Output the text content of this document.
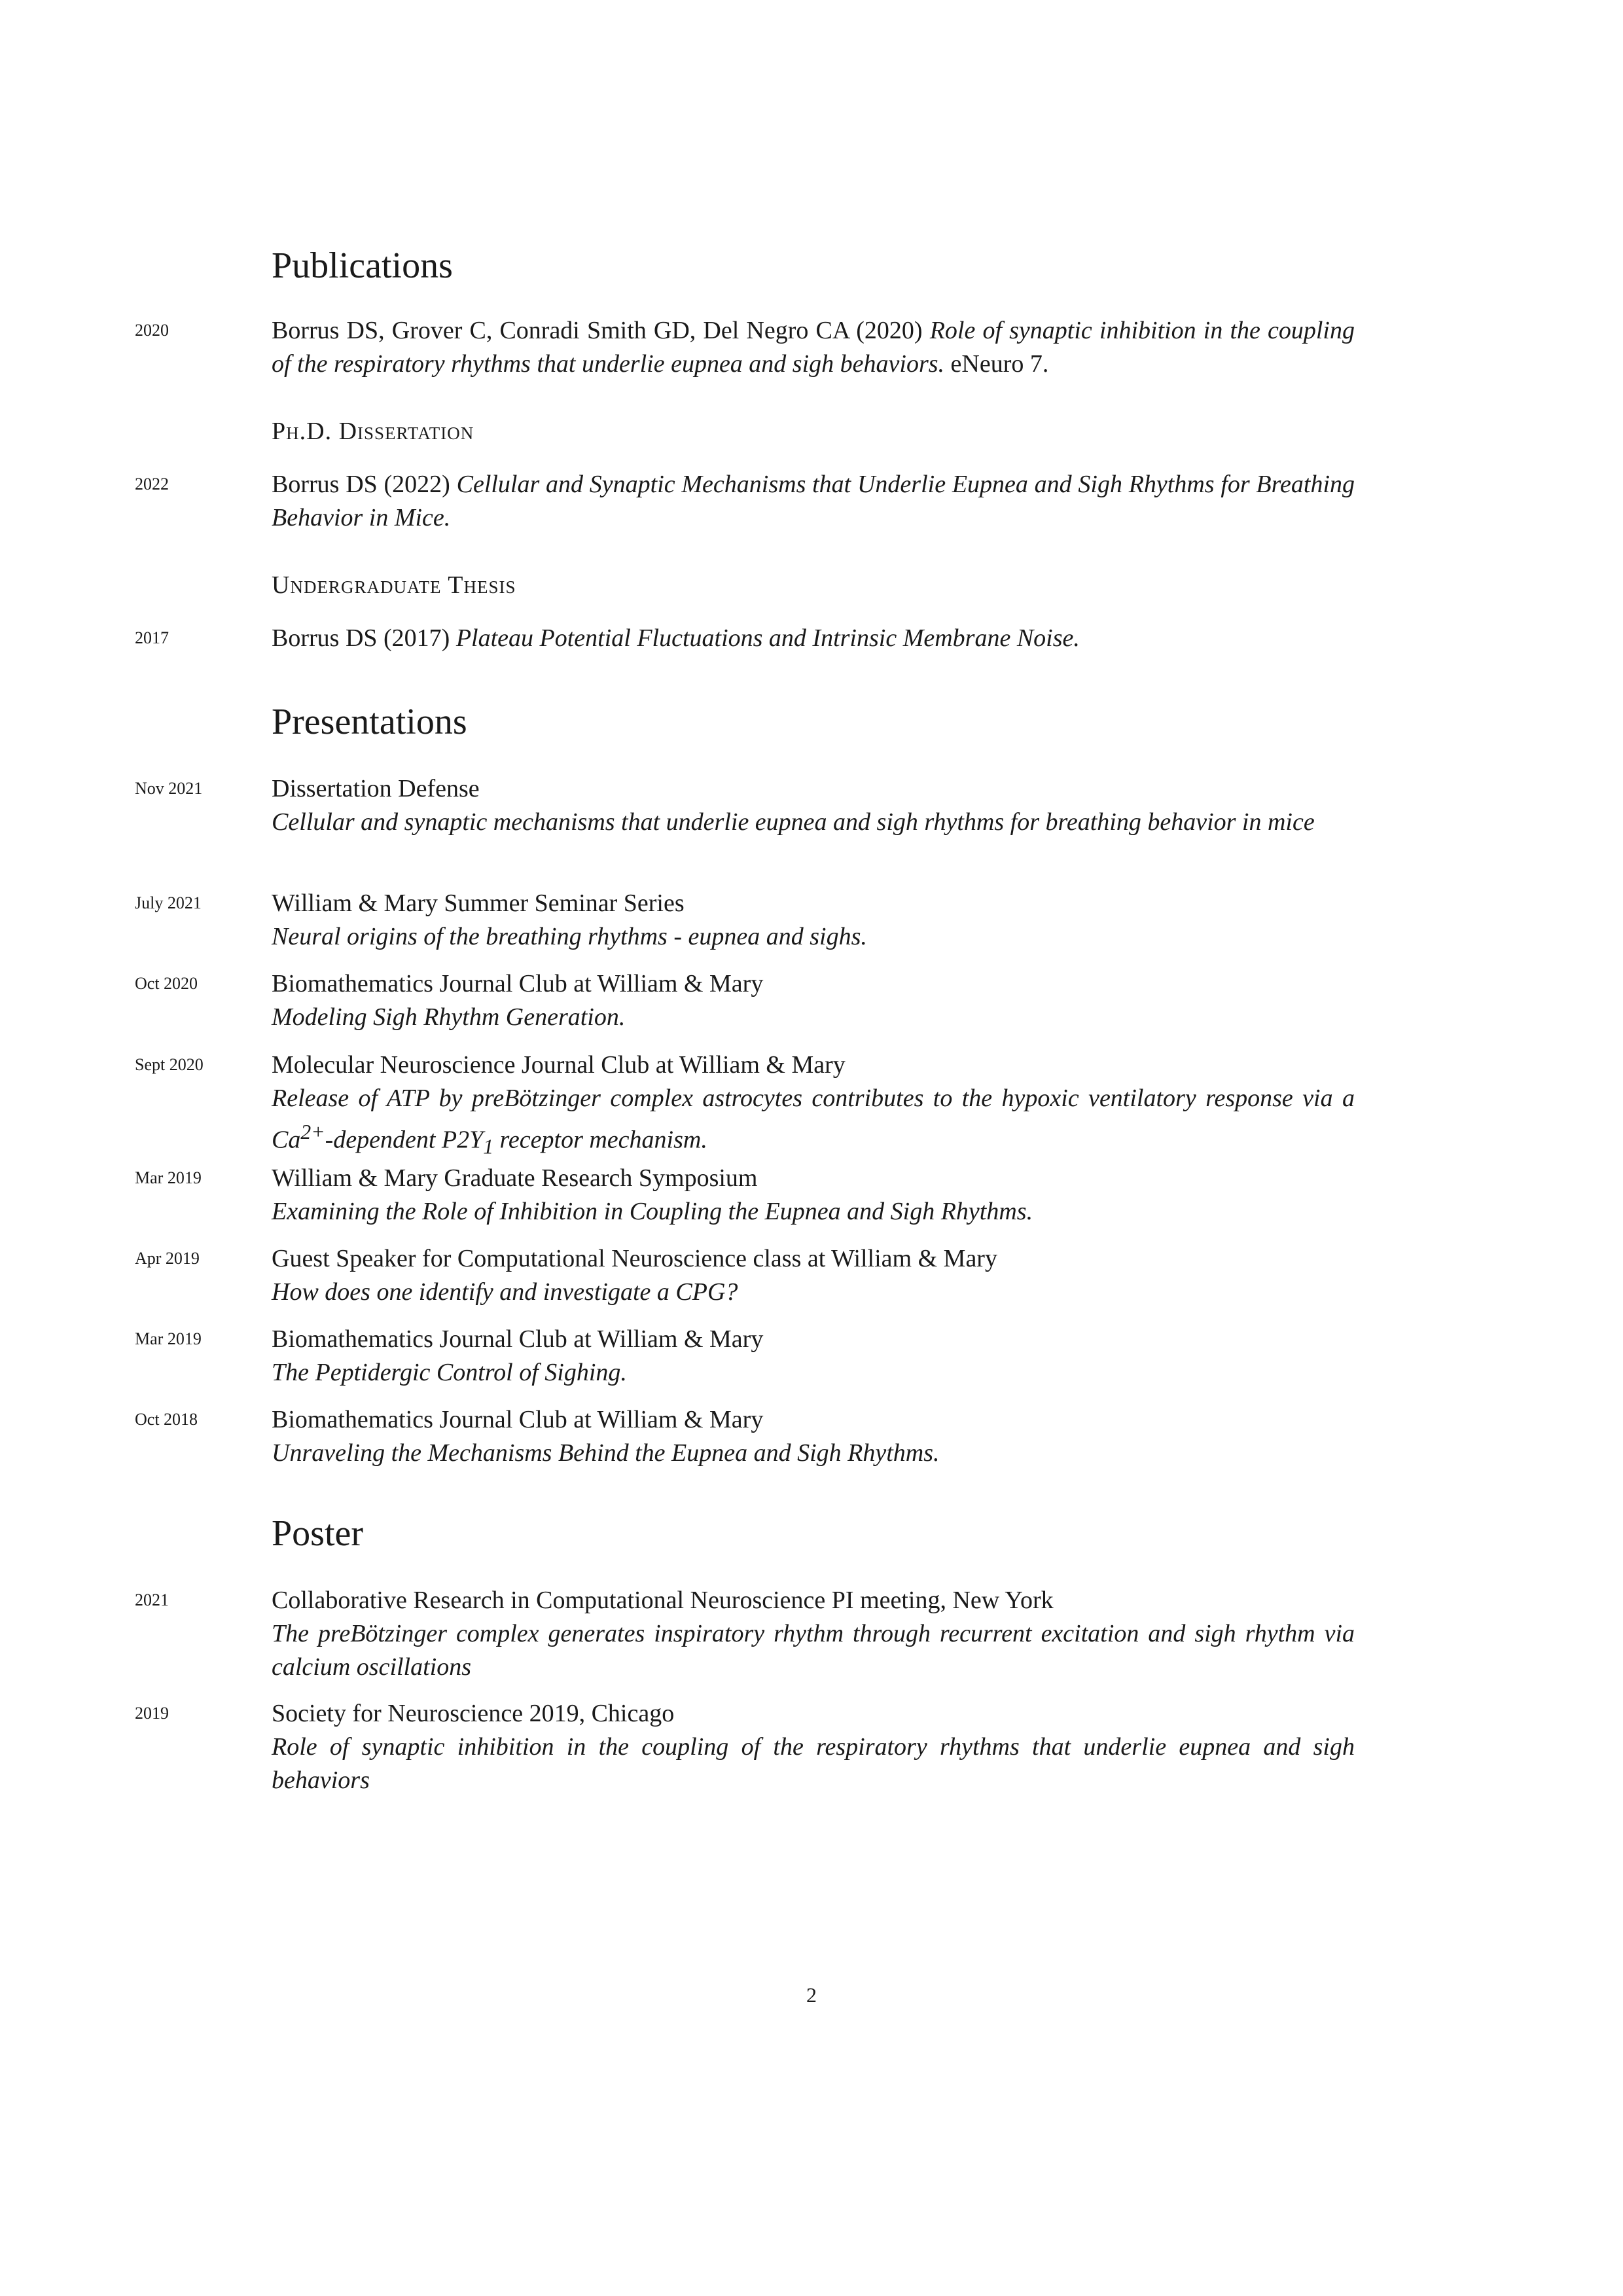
Publications
2020	Borrus DS, Grover C, Conradi Smith GD, Del Negro CA (2020) Role of synaptic inhibition in the coupling of the respiratory rhythms that underlie eupnea and sigh behaviors. eNeuro 7.
Ph.D. Dissertation
2022	Borrus DS (2022) Cellular and Synaptic Mechanisms that Underlie Eupnea and Sigh Rhythms for Breathing Behavior in Mice.
Undergraduate Thesis
2017	Borrus DS (2017) Plateau Potential Fluctuations and Intrinsic Membrane Noise.
Presentations
Nov 2021	Dissertation Defense
Cellular and synaptic mechanisms that underlie eupnea and sigh rhythms for breathing behavior in mice
July 2021	William & Mary Summer Seminar Series
Neural origins of the breathing rhythms - eupnea and sighs.
Oct 2020	Biomathematics Journal Club at William & Mary
Modeling Sigh Rhythm Generation.
Sept 2020	Molecular Neuroscience Journal Club at William & Mary
Release of ATP by preBötzinger complex astrocytes contributes to the hypoxic ventilatory response via a $Ca^{2+}$-dependent $P2Y_1$ receptor mechanism.
Mar 2019	William & Mary Graduate Research Symposium
Examining the Role of Inhibition in Coupling the Eupnea and Sigh Rhythms.
Apr 2019	Guest Speaker for Computational Neuroscience class at William & Mary
How does one identify and investigate a CPG?
Mar 2019	Biomathematics Journal Club at William & Mary
The Peptidergic Control of Sighing.
Oct 2018	Biomathematics Journal Club at William & Mary
Unraveling the Mechanisms Behind the Eupnea and Sigh Rhythms.
Poster
2021	Collaborative Research in Computational Neuroscience PI meeting, New York
The preBötzinger complex generates inspiratory rhythm through recurrent excitation and sigh rhythm via calcium oscillations
2019	Society for Neuroscience 2019, Chicago
Role of synaptic inhibition in the coupling of the respiratory rhythms that underlie eupnea and sigh behaviors
2
